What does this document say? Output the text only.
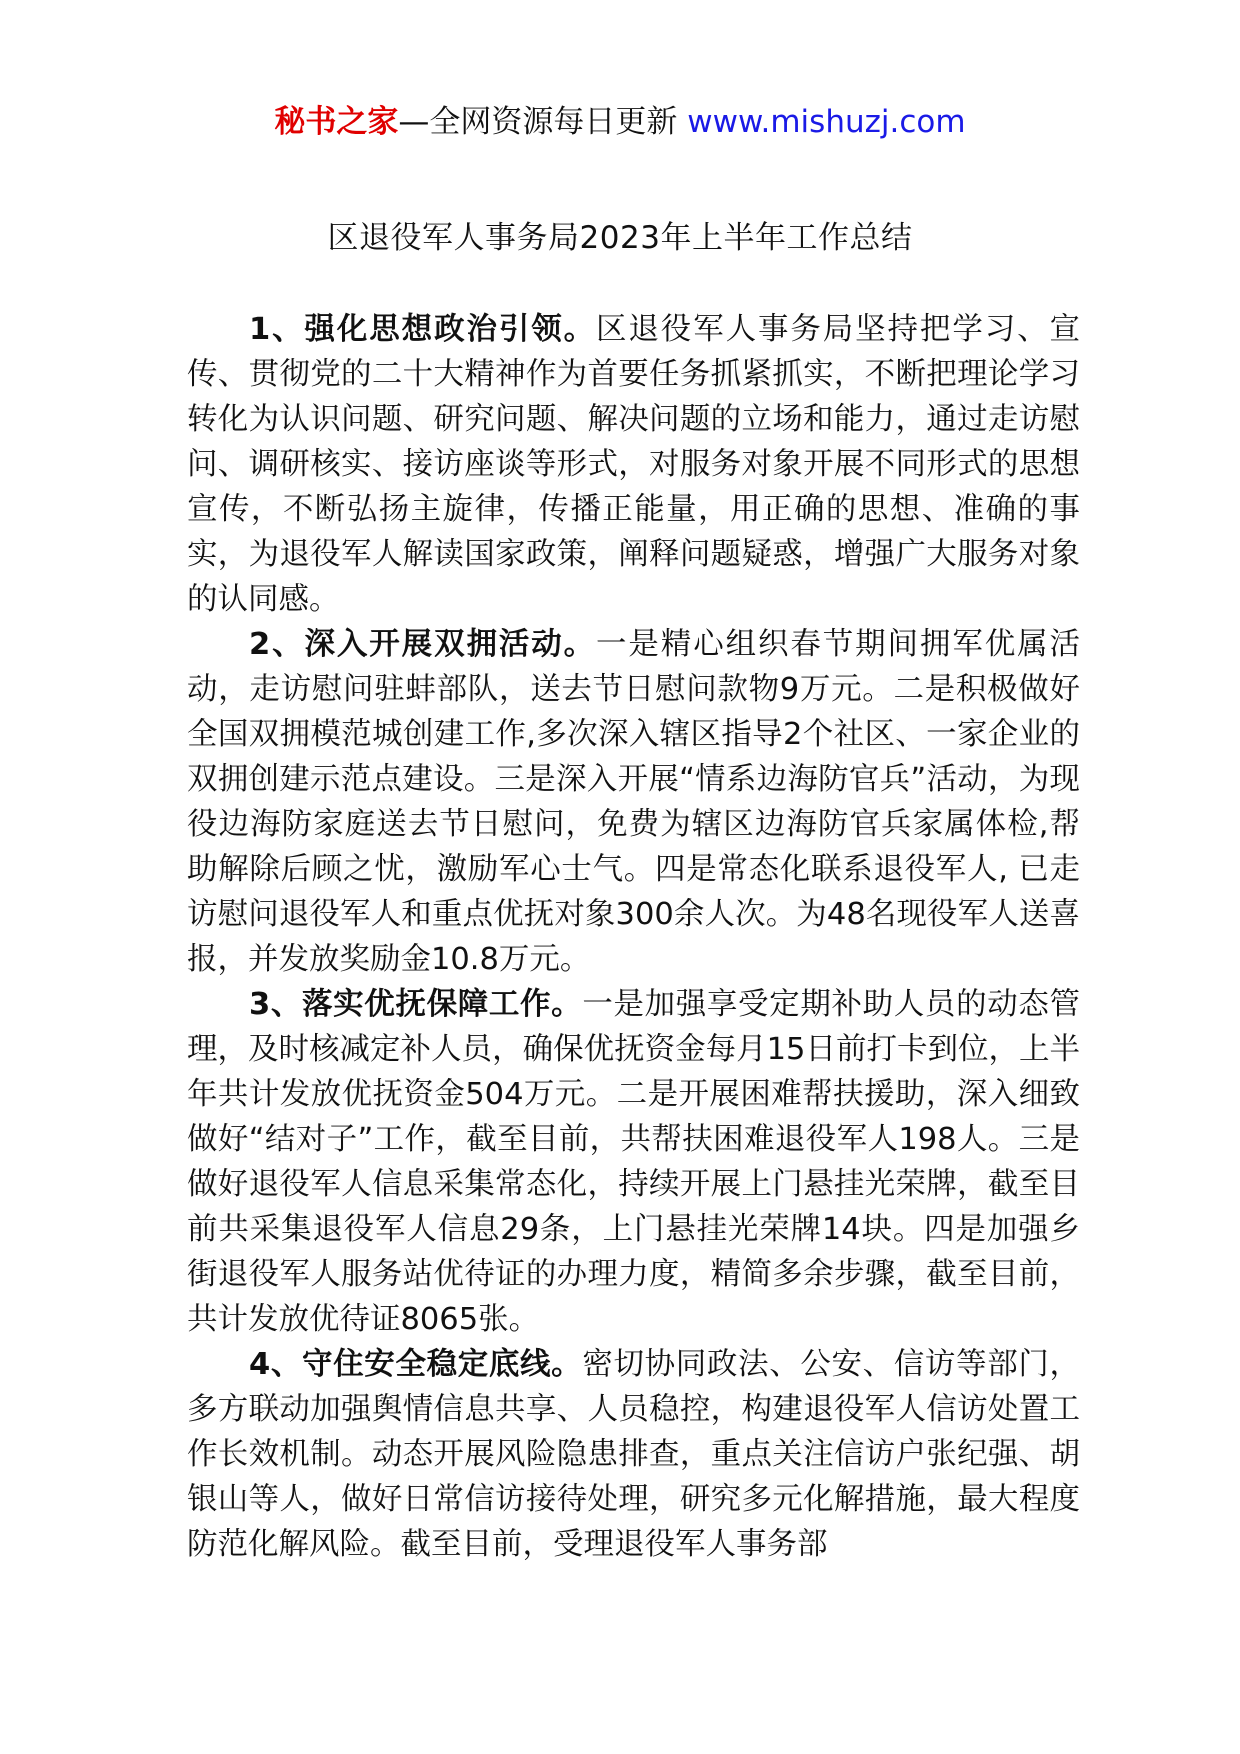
秘书之家—全网资源每日更新 www.mishuzj.com
区退役军人事务局2023年上半年工作总结

1、强化思想政治引领。区退役军人事务局坚持把学习、宣传、贯彻党的二十大精神作为首要任务抓紧抓实，不断把理论学习转化为认识问题、研究问题、解决问题的立场和能力，通过走访慰问、调研核实、接访座谈等形式，对服务对象开展不同形式的思想宣传，不断弘扬主旋律，传播正能量，用正确的思想、准确的事实，为退役军人解读国家政策，阐释问题疑惑，增强广大服务对象的认同感。

2、深入开展双拥活动。一是精心组织春节期间拥军优属活动，走访慰问驻蚌部队，送去节日慰问款物9万元。二是积极做好全国双拥模范城创建工作,多次深入辖区指导2个社区、一家企业的双拥创建示范点建设。三是深入开展“情系边海防官兵”活动，为现役边海防家庭送去节日慰问，免费为辖区边海防官兵家属体检,帮助解除后顾之忧，激励军心士气。四是常态化联系退役军人, 已走访慰问退役军人和重点优抚对象300余人次。为48名现役军人送喜报，并发放奖励金10.8万元。

3、落实优抚保障工作。一是加强享受定期补助人员的动态管理，及时核减定补人员，确保优抚资金每月15日前打卡到位，上半年共计发放优抚资金504万元。二是开展困难帮扶援助，深入细致做好“结对子”工作，截至目前，共帮扶困难退役军人198人。三是做好退役军人信息采集常态化，持续开展上门悬挂光荣牌，截至目前共采集退役军人信息29条，上门悬挂光荣牌14块。四是加强乡街退役军人服务站优待证的办理力度，精简多余步骤，截至目前，共计发放优待证8065张。

4、守住安全稳定底线。密切协同政法、公安、信访等部门，多方联动加强舆情信息共享、人员稳控，构建退役军人信访处置工作长效机制。动态开展风险隐患排查，重点关注信访户张纪强、胡银山等人，做好日常信访接待处理，研究多元化解措施，最大程度防范化解风险。截至目前，受理退役军人事务部
